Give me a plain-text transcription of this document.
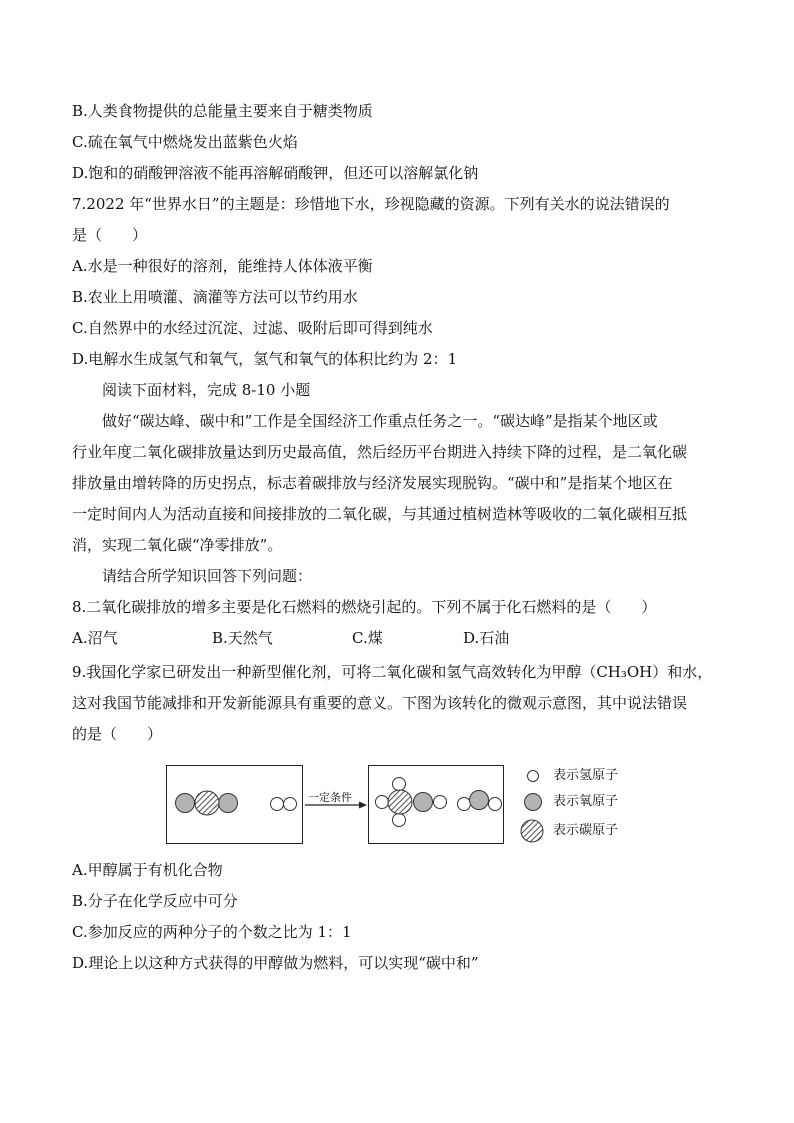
B.人类食物提供的总能量主要来自于糖类物质
C.硫在氧气中燃烧发出蓝紫色火焰
D.饱和的硝酸钾溶液不能再溶解硝酸钾，但还可以溶解氯化钠
7.2022 年“世界水日”的主题是：珍惜地下水，珍视隐藏的资源。下列有关水的说法错误的
是（　　）
A.水是一种很好的溶剂，能维持人体体液平衡
B.农业上用喷灌、滴灌等方法可以节约用水
C.自然界中的水经过沉淀、过滤、吸附后即可得到纯水
D.电解水生成氢气和氧气，氢气和氧气的体积比约为 2：1
阅读下面材料，完成 8-10 小题
做好“碳达峰、碳中和”工作是全国经济工作重点任务之一。“碳达峰”是指某个地区或
行业年度二氧化碳排放量达到历史最高值，然后经历平台期进入持续下降的过程，是二氧化碳
排放量由增转降的历史拐点，标志着碳排放与经济发展实现脱钩。“碳中和”是指某个地区在
一定时间内人为活动直接和间接排放的二氧化碳，与其通过植树造林等吸收的二氧化碳相互抵
消，实现二氧化碳“净零排放”。
请结合所学知识回答下列问题：
8.二氧化碳排放的增多主要是化石燃料的燃烧引起的。下列不属于化石燃料的是（　　）
A.沼气	B.天然气	C.煤	D.石油
9.我国化学家已研发出一种新型催化剂，可将二氧化碳和氢气高效转化为甲醇（CH₃OH）和水，
这对我国节能减排和开发新能源具有重要的意义。下图为该转化的微观示意图，其中说法错误
的是（　　）
一定条件
表示氢原子
表示氧原子
表示碳原子
A.甲醇属于有机化合物
B.分子在化学反应中可分
C.参加反应的两种分子的个数之比为 1：1
D.理论上以这种方式获得的甲醇做为燃料，可以实现“碳中和”
